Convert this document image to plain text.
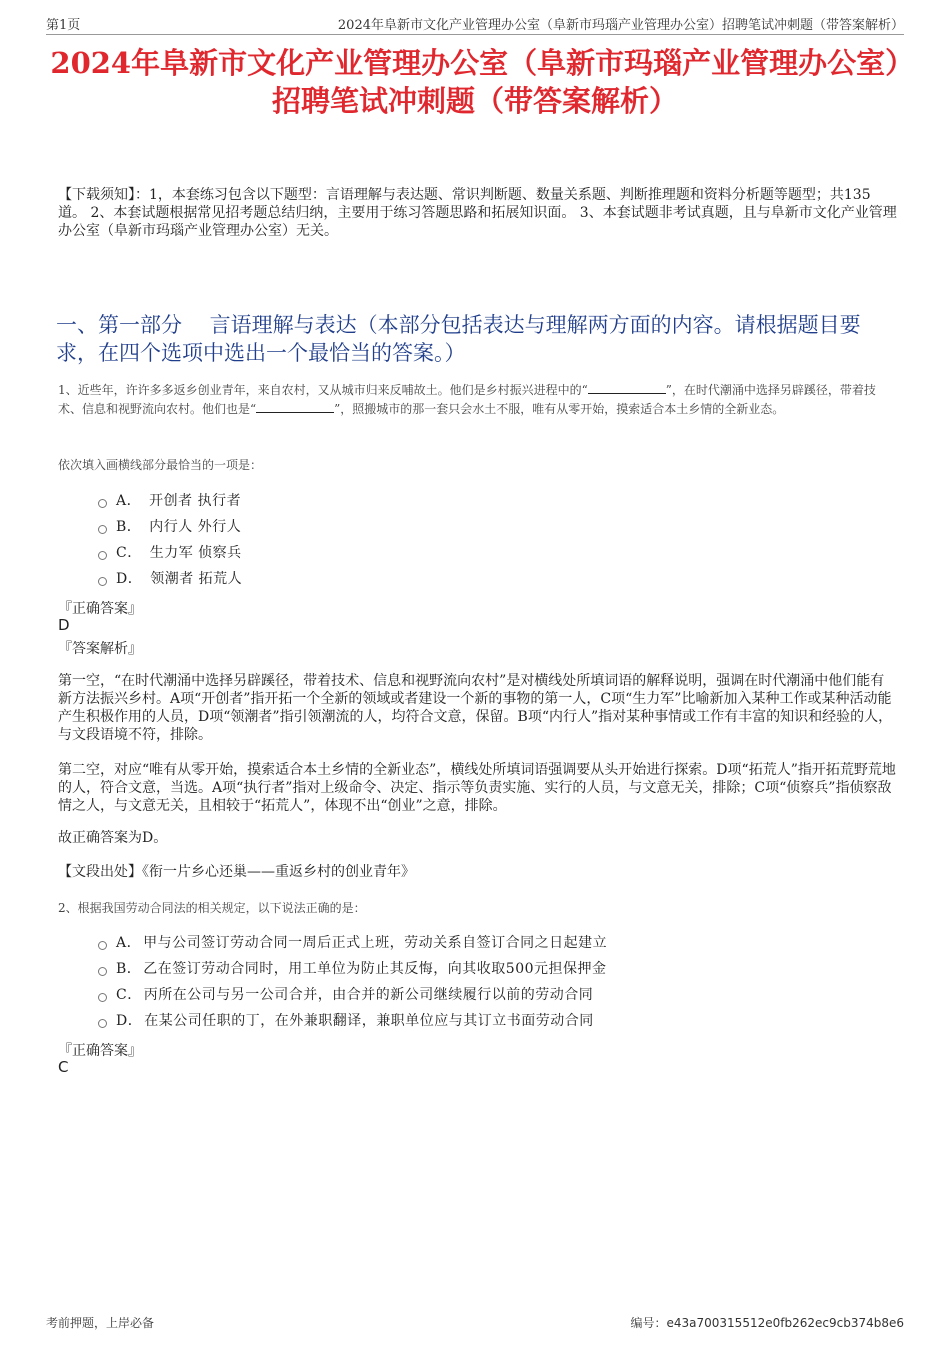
第1页	2024年阜新市文化产业管理办公室（阜新市玛瑙产业管理办公室）招聘笔试冲刺题（带答案解析）
2024年阜新市文化产业管理办公室（阜新市玛瑙产业管理办公室）招聘笔试冲刺题（带答案解析）
【下载须知】：1，本套练习包含以下题型：言语理解与表达题、常识判断题、数量关系题、判断推理题和资料分析题等题型；共135道。 2、本套试题根据常见招考题总结归纳，主要用于练习答题思路和拓展知识面。 3、本套试题非考试真题，且与阜新市文化产业管理办公室（阜新市玛瑙产业管理办公室）无关。
一、第一部分　 言语理解与表达（本部分包括表达与理解两方面的内容。请根据题目要求，在四个选项中选出一个最恰当的答案。）
1、近些年，许许多多返乡创业青年，来自农村，又从城市归来反哺故土。他们是乡村振兴进程中的“	”，在时代潮涌中选择另辟蹊径，带着技术、信息和视野流向农村。他们也是“	”，照搬城市的那一套只会水土不服，唯有从零开始，摸索适合本土乡情的全新业态。
依次填入画横线部分最恰当的一项是：
A． 开创者 执行者
B． 内行人 外行人
C． 生力军 侦察兵
D． 领潮者 拓荒人
『正确答案』
D
『答案解析』
第一空，“在时代潮涌中选择另辟蹊径，带着技术、信息和视野流向农村”是对横线处所填词语的解释说明，强调在时代潮涌中他们能有新方法振兴乡村。A项“开创者”指开拓一个全新的领域或者建设一个新的事物的第一人，C项“生力军”比喻新加入某种工作或某种活动能产生积极作用的人员，D项“领潮者”指引领潮流的人，均符合文意，保留。B项“内行人”指对某种事情或工作有丰富的知识和经验的人，与文段语境不符，排除。
第二空，对应“唯有从零开始，摸索适合本土乡情的全新业态”，横线处所填词语强调要从头开始进行探索。D项“拓荒人”指开拓荒野荒地的人，符合文意，当选。A项“执行者”指对上级命令、决定、指示等负责实施、实行的人员，与文意无关，排除；C项“侦察兵”指侦察敌情之人，与文意无关，且相较于“拓荒人”，体现不出“创业”之意，排除。
故正确答案为D。
【文段出处】《衔一片乡心还巢——重返乡村的创业青年》
2、根据我国劳动合同法的相关规定，以下说法正确的是：
A． 甲与公司签订劳动合同一周后正式上班，劳动关系自签订合同之日起建立
B． 乙在签订劳动合同时，用工单位为防止其反悔，向其收取500元担保押金
C． 丙所在公司与另一公司合并，由合并的新公司继续履行以前的劳动合同
D． 在某公司任职的丁，在外兼职翻译，兼职单位应与其订立书面劳动合同
『正确答案』
C
考前押题，上岸必备	编号：e43a700315512e0fb262ec9cb374b8e6
